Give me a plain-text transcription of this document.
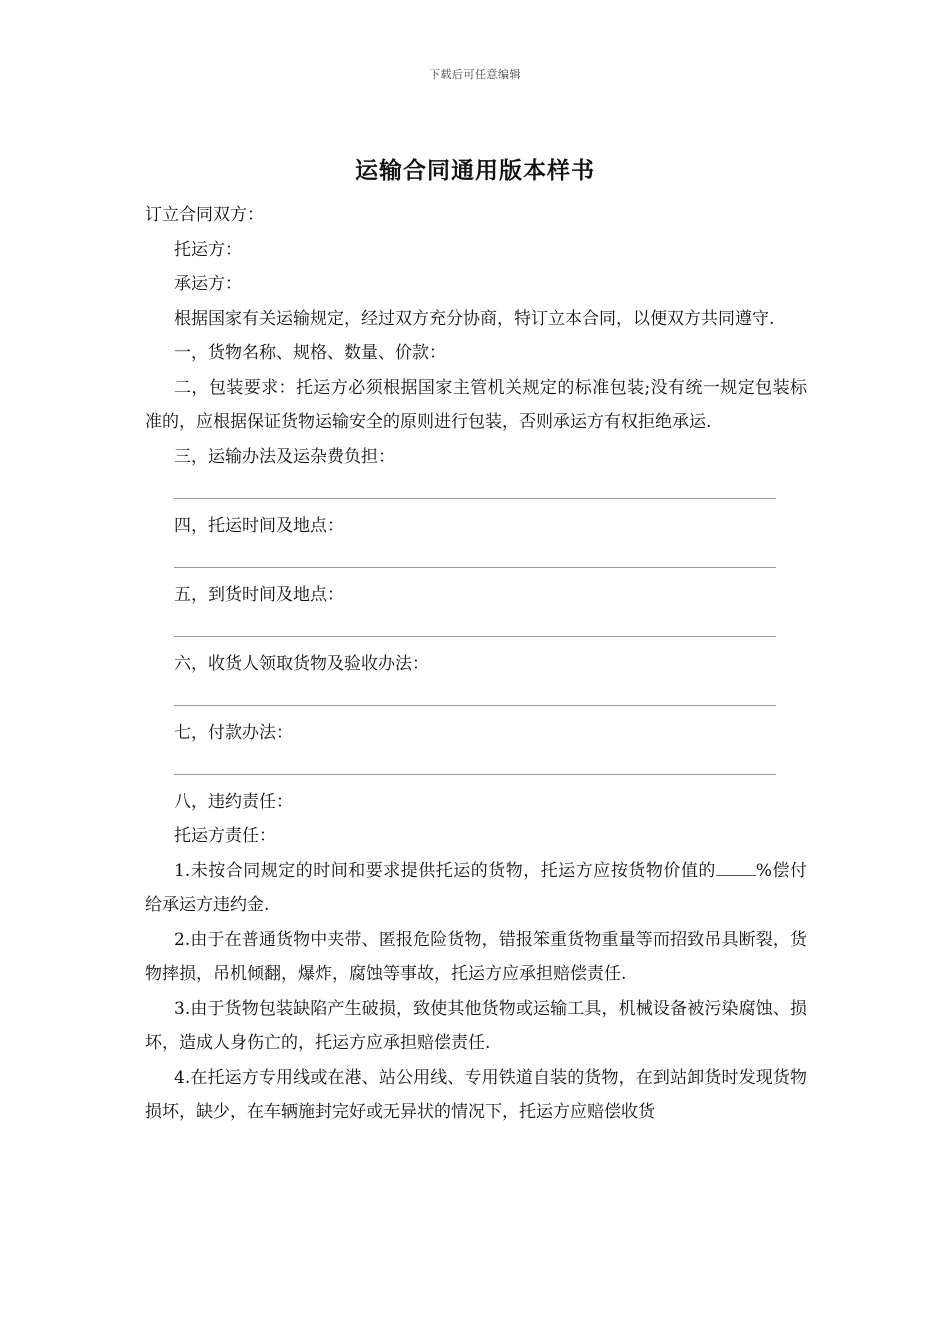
下载后可任意编辑
运输合同通用版本样书

订立合同双方：

托运方：

承运方：

根据国家有关运输规定，经过双方充分协商，特订立本合同，以便双方共同遵守.

一，货物名称、规格、数量、价款：

二，包装要求：托运方必须根据国家主管机关规定的标准包装;没有统一规定包装标准的，应根据保证货物运输安全的原则进行包装，否则承运方有权拒绝承运.

三，运输办法及运杂费负担：

四，托运时间及地点：

五，到货时间及地点：

六，收货人领取货物及验收办法：

七，付款办法：

八，违约责任：

托运方责任：

1.未按合同规定的时间和要求提供托运的货物，托运方应按货物价值的 %偿付给承运方违约金.

2.由于在普通货物中夹带、匿报危险货物，错报笨重货物重量等而招致吊具断裂，货物摔损，吊机倾翻，爆炸，腐蚀等事故，托运方应承担赔偿责任.

3.由于货物包装缺陷产生破损，致使其他货物或运输工具，机械设备被污染腐蚀、损坏，造成人身伤亡的，托运方应承担赔偿责任.

4.在托运方专用线或在港、站公用线、专用铁道自装的货物，在到站卸货时发现货物损坏，缺少，在车辆施封完好或无异状的情况下，托运方应赔偿收货
